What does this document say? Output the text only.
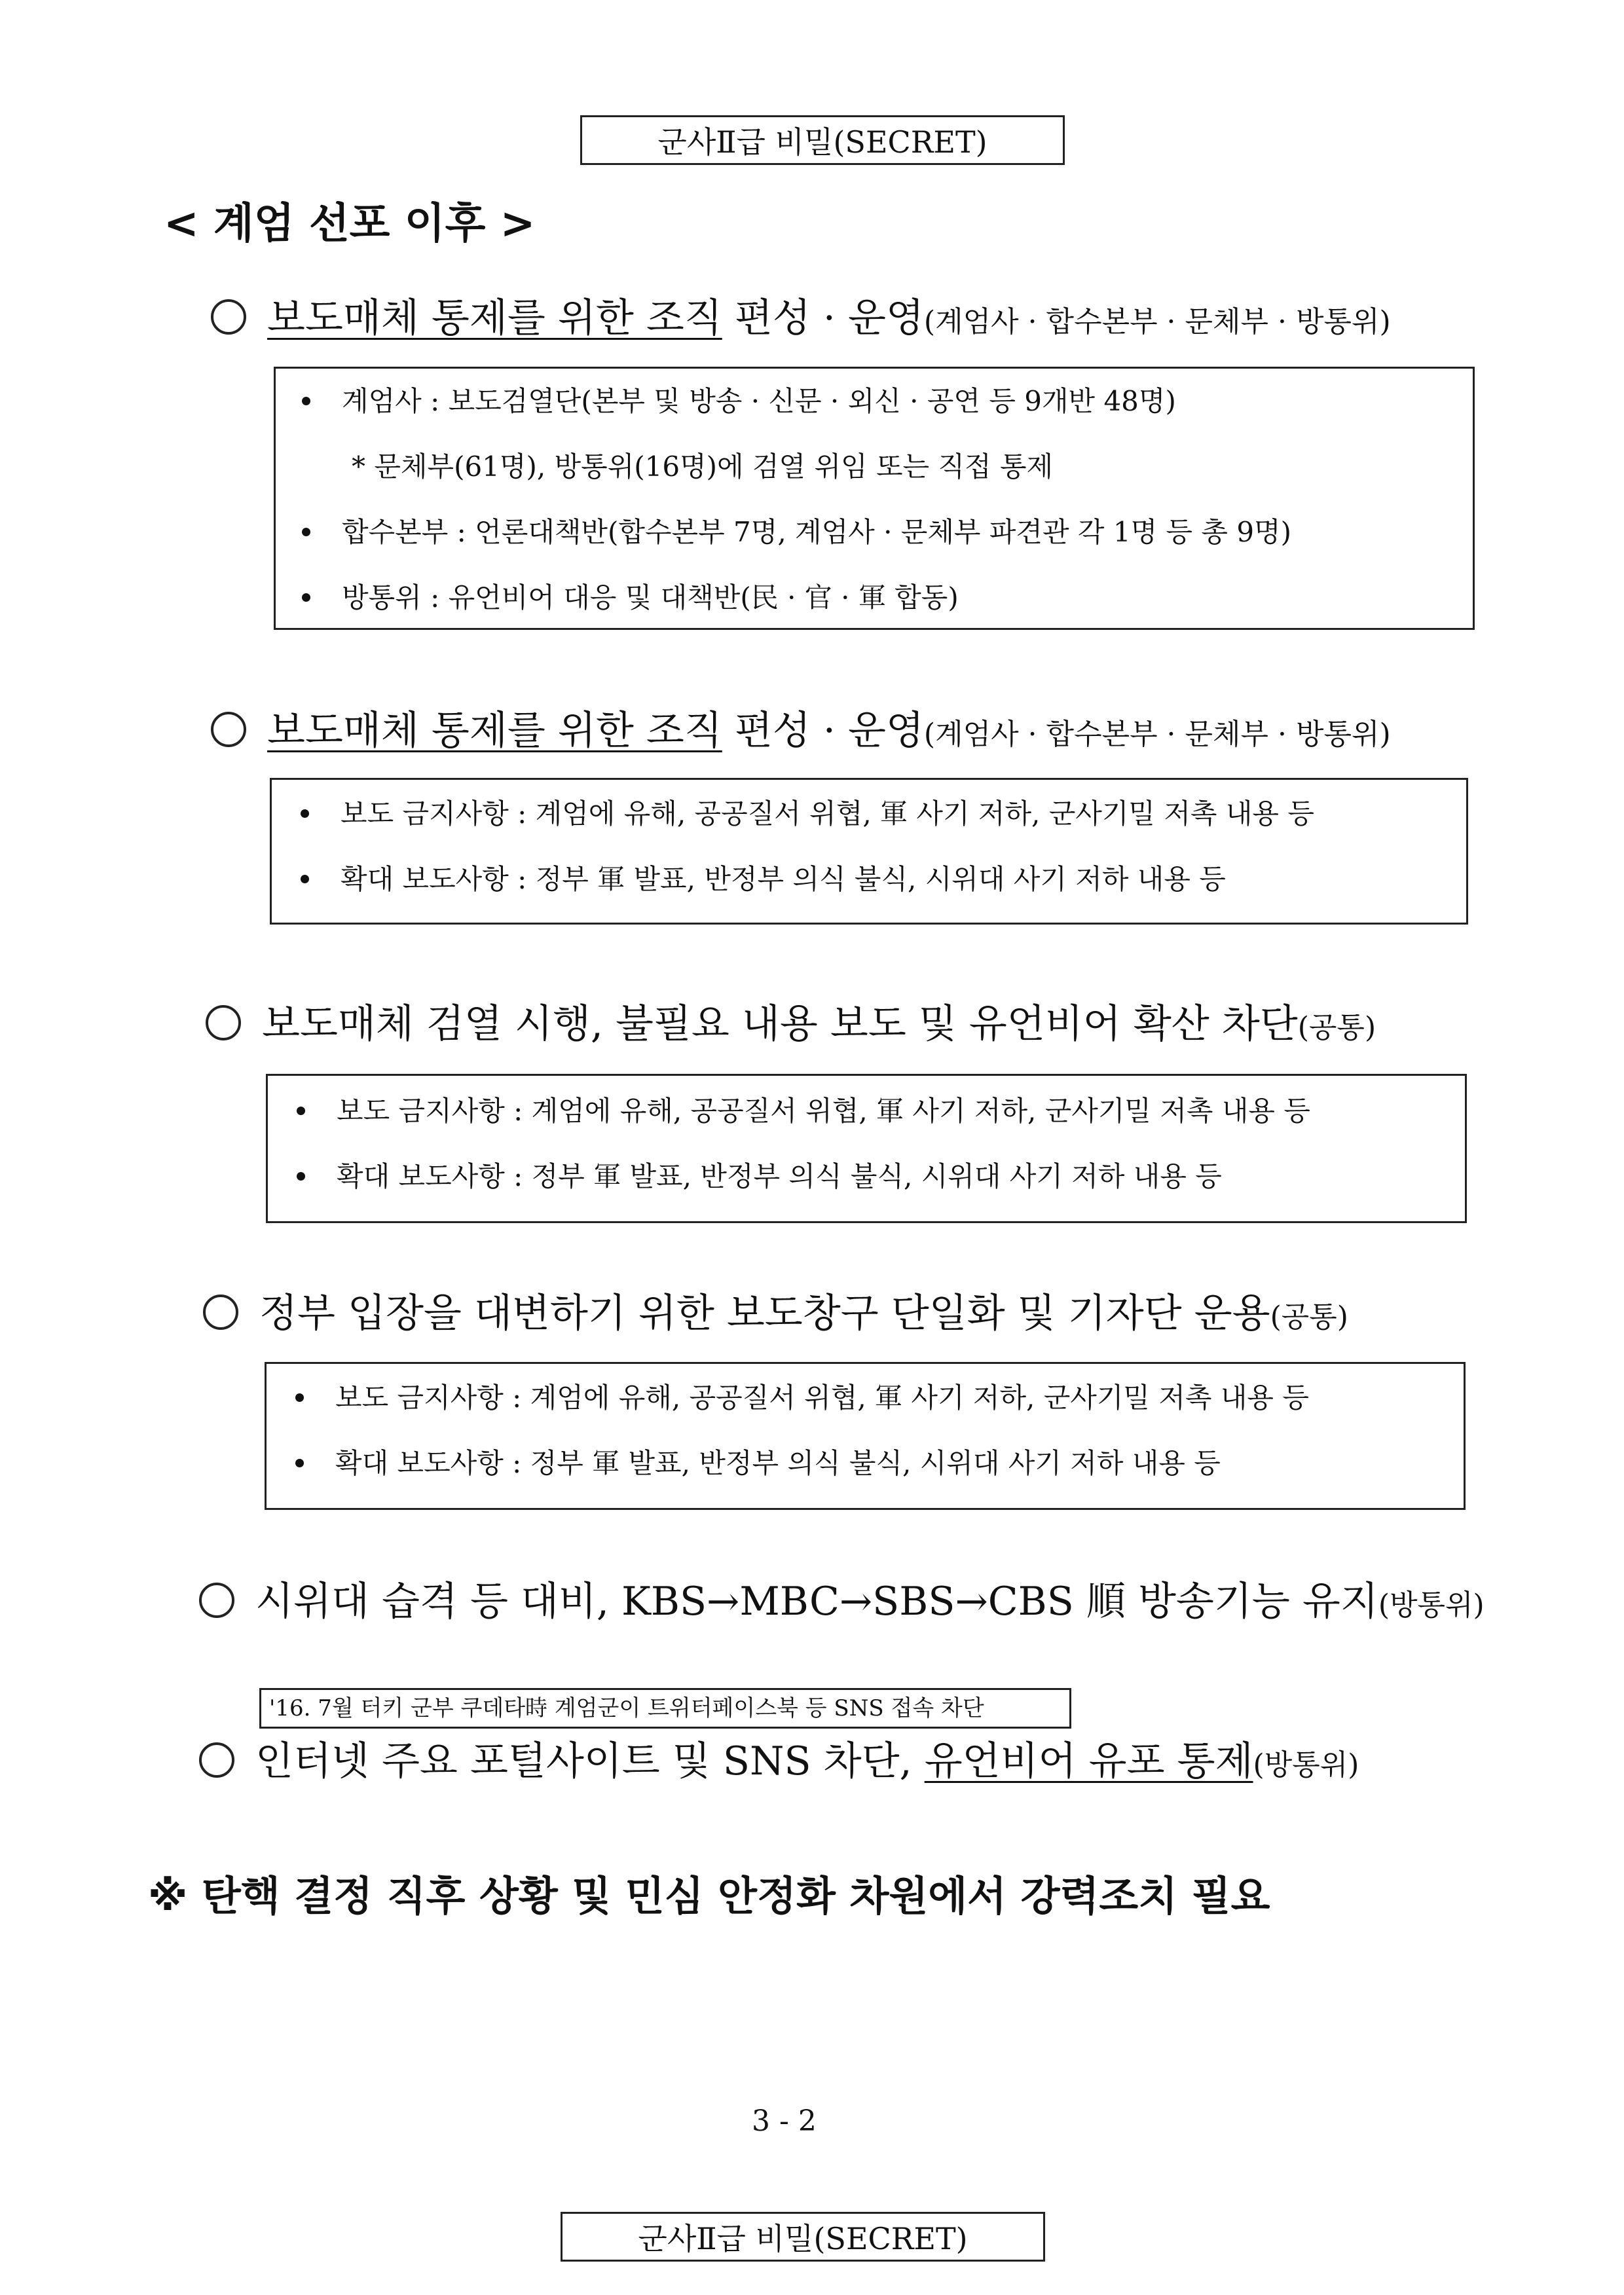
군사Ⅱ급 비밀(SECRET)
< 계엄 선포 이후 >
보도매체 통제를 위한 조직 편성 · 운영(계엄사 · 합수본부 · 문체부 · 방통위)
계엄사 : 보도검열단(본부 및 방송 · 신문 · 외신 · 공연 등 9개반 48명)
* 문체부(61명), 방통위(16명)에 검열 위임 또는 직접 통제
합수본부 : 언론대책반(합수본부 7명, 계엄사 · 문체부 파견관 각 1명 등 총 9명)
방통위 : 유언비어 대응 및 대책반(民 · 官 · 軍 합동)
보도매체 통제를 위한 조직 편성 · 운영(계엄사 · 합수본부 · 문체부 · 방통위)
보도 금지사항 : 계엄에 유해, 공공질서 위협, 軍 사기 저하, 군사기밀 저촉 내용 등
확대 보도사항 : 정부 軍 발표, 반정부 의식 불식, 시위대 사기 저하 내용 등
보도매체 검열 시행, 불필요 내용 보도 및 유언비어 확산 차단(공통)
보도 금지사항 : 계엄에 유해, 공공질서 위협, 軍 사기 저하, 군사기밀 저촉 내용 등
확대 보도사항 : 정부 軍 발표, 반정부 의식 불식, 시위대 사기 저하 내용 등
정부 입장을 대변하기 위한 보도창구 단일화 및 기자단 운용(공통)
보도 금지사항 : 계엄에 유해, 공공질서 위협, 軍 사기 저하, 군사기밀 저촉 내용 등
확대 보도사항 : 정부 軍 발표, 반정부 의식 불식, 시위대 사기 저하 내용 등
시위대 습격 등 대비, KBS→MBC→SBS→CBS 順 방송기능 유지(방통위)
'16. 7월 터키 군부 쿠데타時 계엄군이 트위터페이스북 등 SNS 접속 차단
인터넷 주요 포털사이트 및 SNS 차단, 유언비어 유포 통제(방통위)
※ 탄핵 결정 직후 상황 및 민심 안정화 차원에서 강력조치 필요
3 - 2
군사Ⅱ급 비밀(SECRET)
